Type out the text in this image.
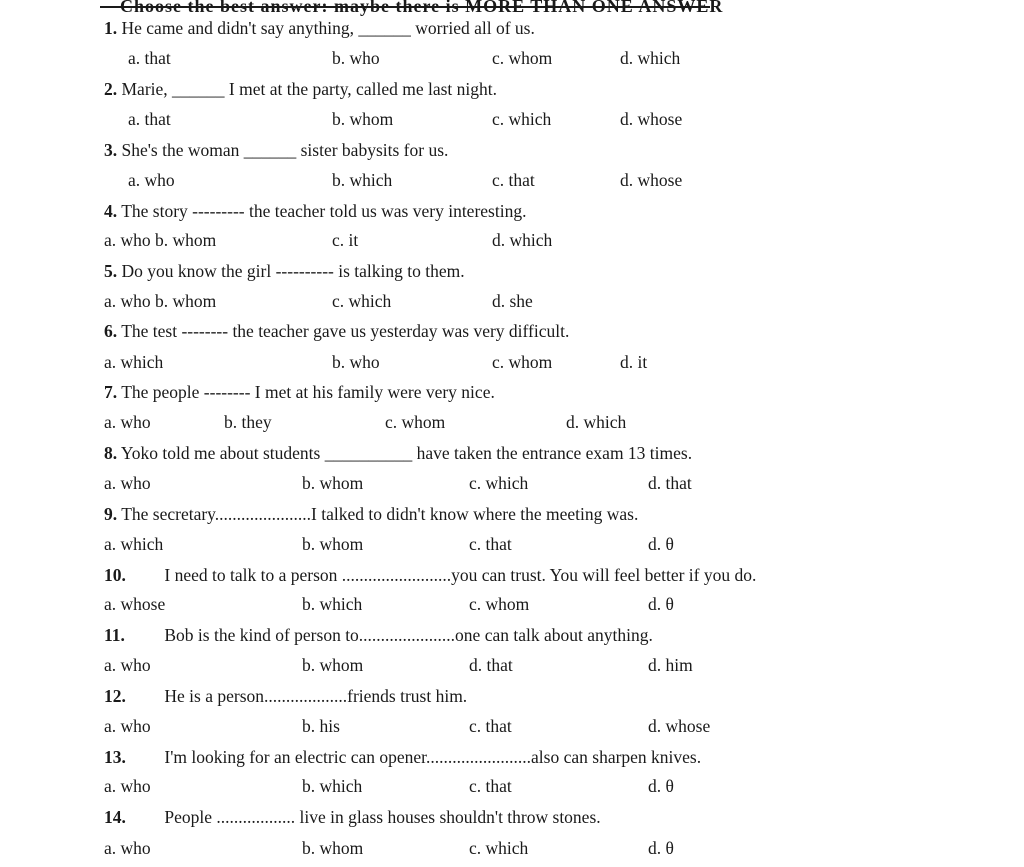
Choose the best answer: maybe there is MORE THAN ONE ANSWER
1. He came and didn't say anything, ______ worried all of us.
a. that	b. who	c. whom	d. which
2. Marie, ______ I met at the party, called me last night.
a. that	b. whom	c. which	d. whose
3. She's the woman ______ sister babysits for us.
a. who	b. which	c. that	d. whose
4. The story --------- the teacher told us was very interesting.
a. who b. whom	c. it	d. which
5. Do you know the girl ---------- is talking to them.
a. who b. whom	c. which	d. she
6. The test -------- the teacher gave us yesterday was very difficult.
a. which	b. who	c. whom	d. it
7. The people -------- I met at his family were very nice.
a. who	b. they	c. whom	d. which
8. Yoko told me about students __________ have taken the entrance exam 13 times.
a. who	b. whom	c. which	d. that
9. The secretary......................I talked to didn't know where the meeting was.
a. which	b. whom	c. that	d. θ
10. I need to talk to a person .........................you can trust. You will feel better if you do.
a. whose	b. which	c. whom	d. θ
11. Bob is the kind of person to......................one can talk about anything.
a. who	b. whom	d. that	d. him
12. He is a person...................friends trust him.
a. who	b. his	c. that	d. whose
13. I'm looking for an electric can opener........................also can sharpen knives.
a. who	b. which	c. that	d. θ
14. People .................. live in glass houses shouldn't throw stones.
a. who	b. whom	c. which	d. θ
